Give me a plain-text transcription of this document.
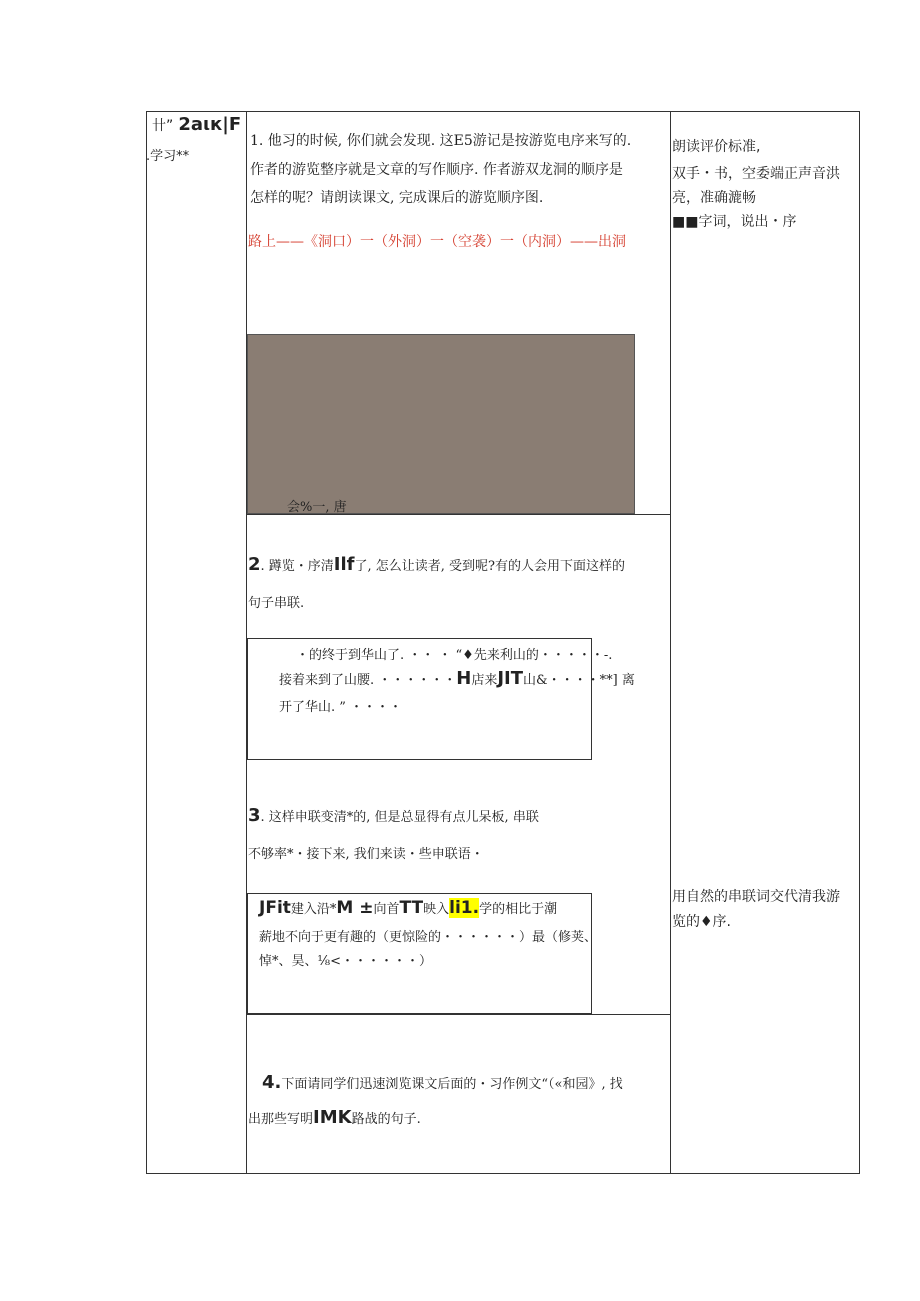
卄” 2aιк|F
.学习**
1. 他习的时候, 你们就会发现. 这E5游记是按游览电序来写的.
作者的游览整序就是文章的写作顺序. 作者游双龙洞的顺序是
怎样的呢？请朗读课文, 完成课后的游览顺序图.
路上——《洞口）一（外洞）一（空袭）一（内洞）——出洞
会%一, 唐
朗读评价标准,
双手・书，空委端正声音洪
亮，准确漉畅
■■字词，说出・序
用自然的串联词交代清我游
览的♦序.
2. 蹲览・序清Ilf了, 怎么让读者, 受到呢?有的人会用下面这样的
句子串联.
・的终于到华山了. ・・ ・ “♦先来利山的・・・・・-.
接着来到了山腰. ・・・・・・H店来JIT山&・・・・**] 离
开了华山. ” ・・・・
3. 这样申联变清*的, 但是总显得有点儿呆板, 串联
不够率*・接下来, 我们来读・些申联语・
JFit建入沿*M ±向首TT映入li1.学的相比于潮
薪地不向于更有趣的（更惊险的・・・・・・）最（修荚、
悼*、昊、⅛<・・・・・・）
4.下面请同学们迅速浏览课文后面的・习作例文“（«和园》, 找
出那些写明IMK路战的句子.
